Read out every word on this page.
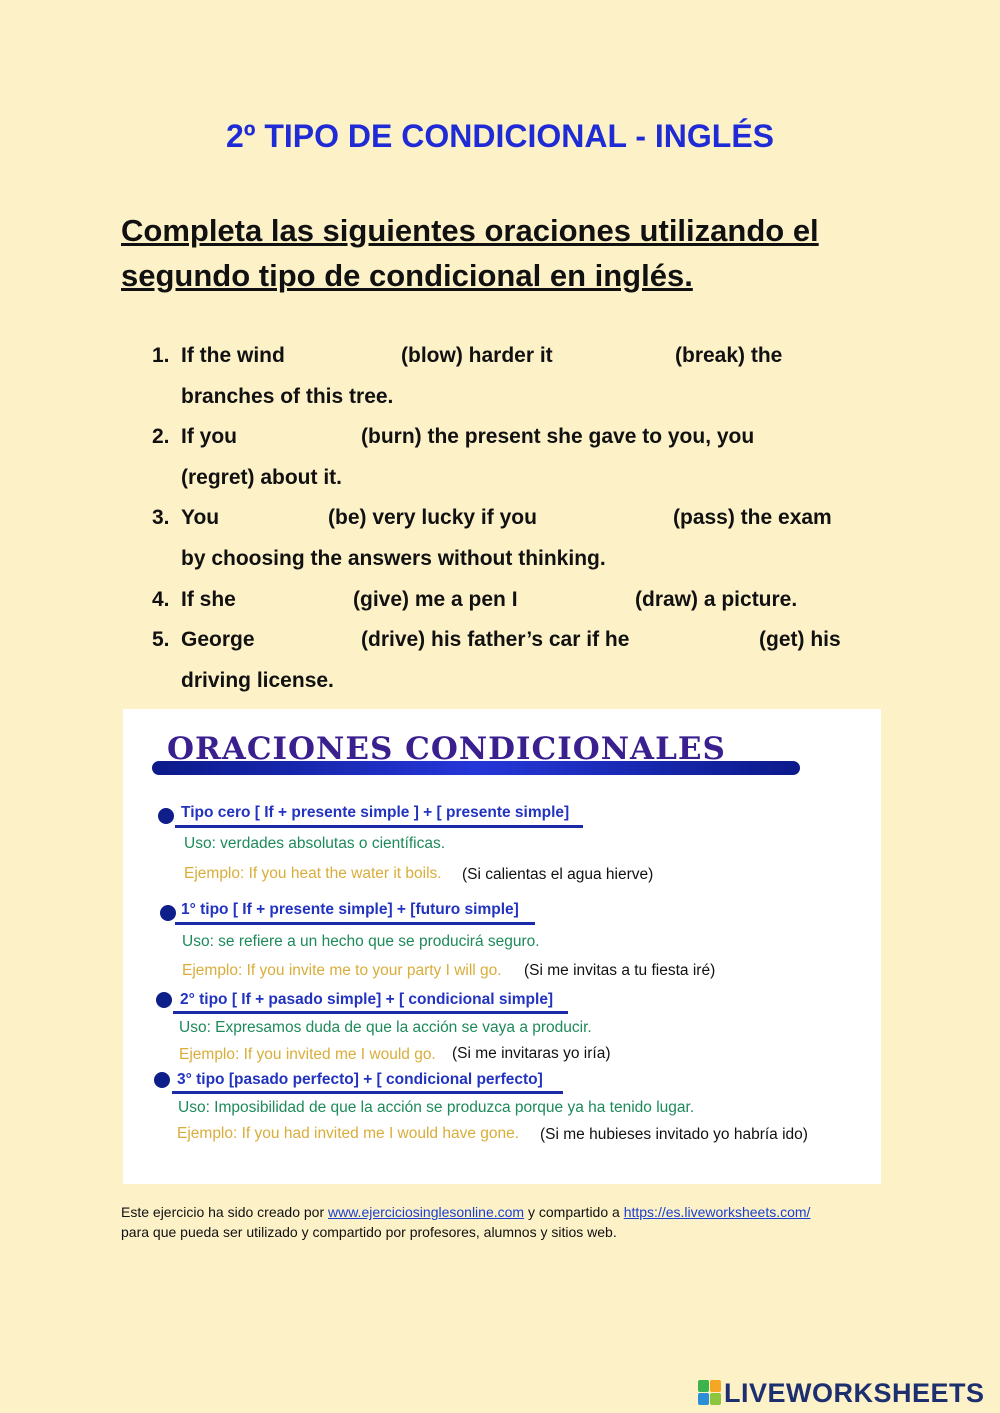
2º TIPO DE CONDICIONAL - INGLÉS

Completa las siguientes oraciones utilizando el segundo tipo de condicional en inglés.

1. If the wind	(blow) harder it	(break) the
branches of this tree.
2. If you	(burn) the present she gave to you, you
(regret) about it.
3. You	(be) very lucky if you	(pass) the exam
by choosing the answers without thinking.
4. If she	(give) me a pen I	(draw) a picture.
5. George	(drive) his father’s car if he	(get) his
driving license.
ORACIONES CONDICIONALES
Tipo cero [ If + presente simple ] + [ presente simple]
Uso: verdades absolutas o científicas.
Ejemplo: If you heat the water it boils. (Si calientas el agua hierve)
1° tipo [ If + presente simple] + [futuro simple]
Uso: se refiere a un hecho que se producirá seguro.
Ejemplo: If you invite me to your party I will go. (Si me invitas a tu fiesta iré)
2° tipo [ If + pasado simple] + [ condicional simple]
Uso: Expresamos duda de que la acción se vaya a producir.
Ejemplo: If you invited me I would go. (Si me invitaras yo iría)
3° tipo [pasado perfecto] + [ condicional perfecto]
Uso: Imposibilidad de que la acción se produzca porque ya ha tenido lugar.
Ejemplo: If you had invited me I would have gone. (Si me hubieses invitado yo habría ido)

Este ejercicio ha sido creado por www.ejerciciosinglesonline.com y compartido a https://es.liveworksheets.com/
para que pueda ser utilizado y compartido por profesores, alumnos y sitios web.

LIVEWORKSHEETS
